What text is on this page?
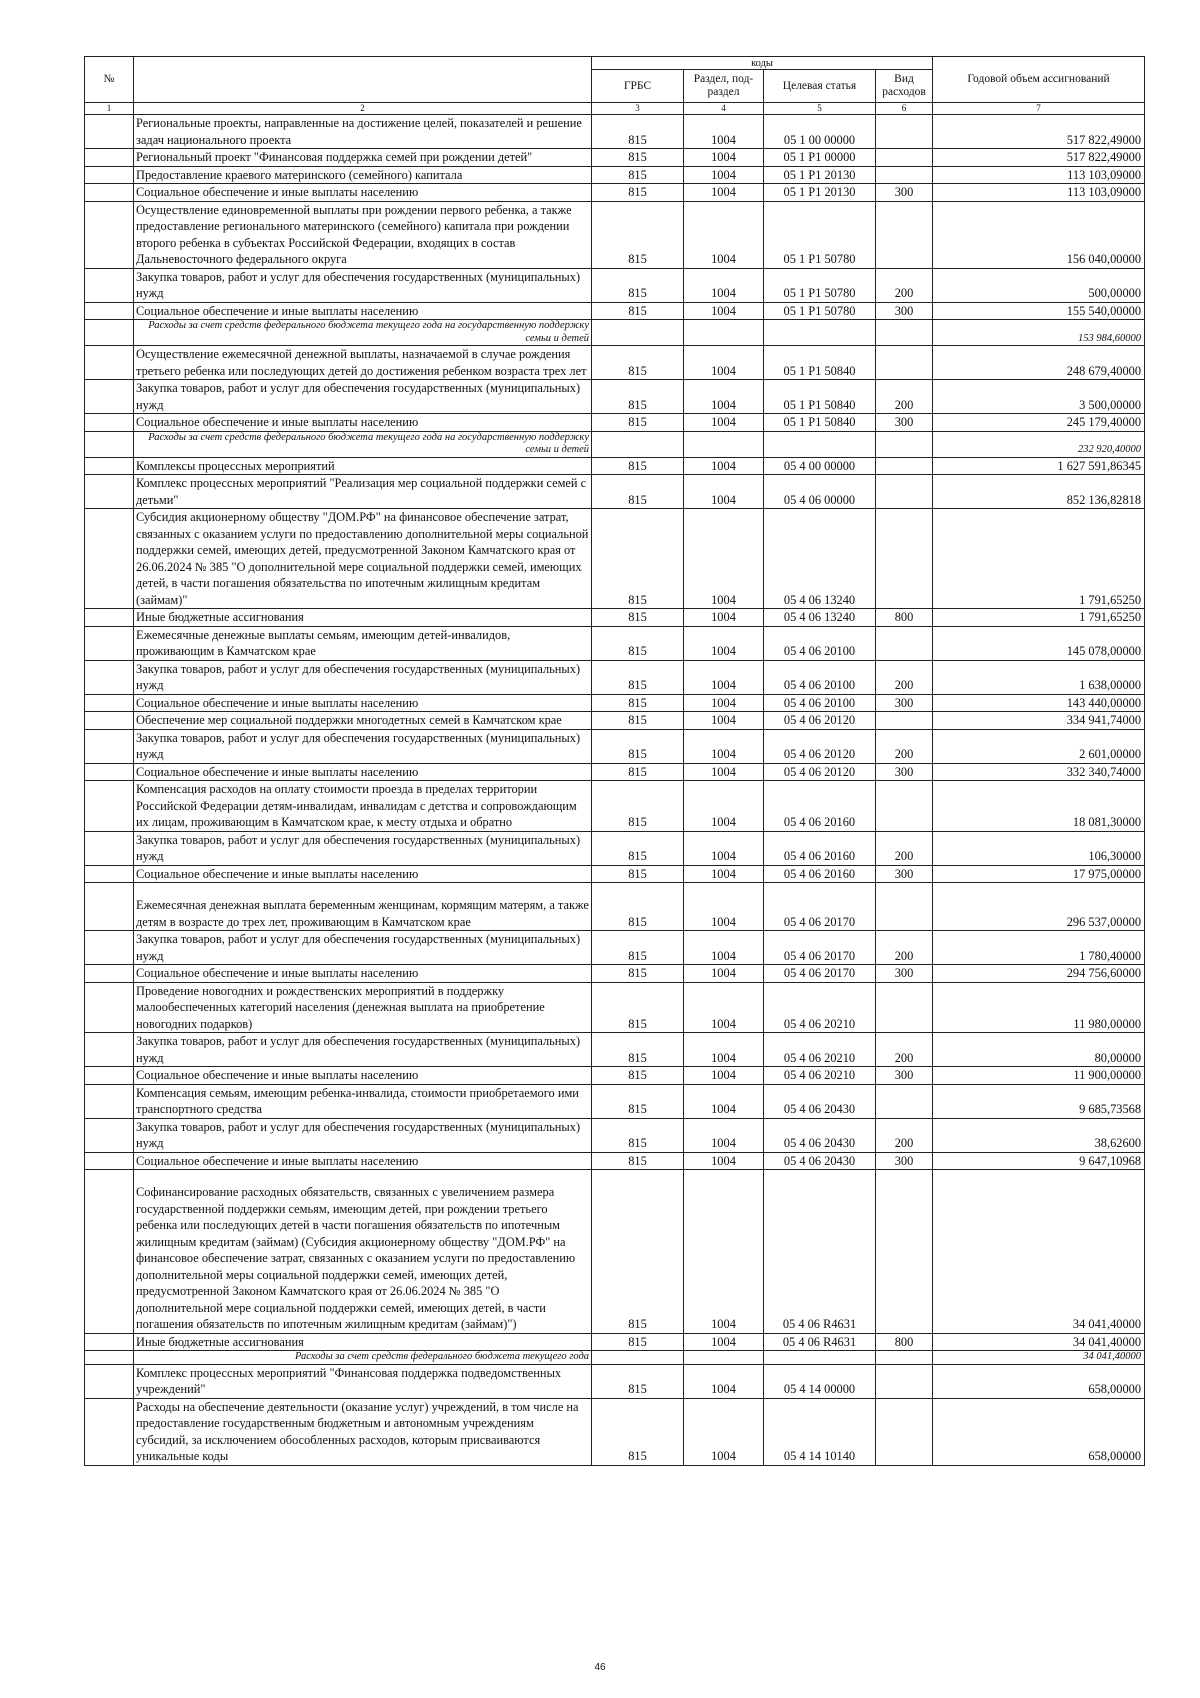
№		коды				Годовой объем ассигнований
		ГРБС	Раздел, под-раздел	Целевая статья	Вид расходов	
1	2	3	4	5	6	7
	Региональные проекты, направленные на достижение целей, показателей и решение задач национального проекта	815	1004	05 1 00 00000		517 822,49000
	Региональный проект "Финансовая поддержка семей при рождении детей"	815	1004	05 1 P1 00000		517 822,49000
	Предоставление краевого материнского (семейного) капитала	815	1004	05 1 P1 20130		113 103,09000
	Социальное обеспечение и иные выплаты населению	815	1004	05 1 P1 20130	300	113 103,09000
	Осуществление единовременной выплаты при рождении первого ребенка, а также предоставление регионального материнского (семейного) капитала при рождении второго ребенка в субъектах Российской Федерации, входящих в состав Дальневосточного федерального округа	815	1004	05 1 P1 50780		156 040,00000
	Закупка товаров, работ и услуг для обеспечения государственных (муниципальных) нужд	815	1004	05 1 P1 50780	200	500,00000
	Социальное обеспечение и иные выплаты населению	815	1004	05 1 P1 50780	300	155 540,00000
	Расходы за счет средств федерального бюджета текущего года на государственную поддержку семьи и детей					153 984,60000
	Осуществление ежемесячной денежной выплаты, назначаемой в случае рождения третьего ребенка или последующих детей до достижения ребенком возраста трех лет	815	1004	05 1 P1 50840		248 679,40000
	Закупка товаров, работ и услуг для обеспечения государственных (муниципальных) нужд	815	1004	05 1 P1 50840	200	3 500,00000
	Социальное обеспечение и иные выплаты населению	815	1004	05 1 P1 50840	300	245 179,40000
	Расходы за счет средств федерального бюджета текущего года на государственную поддержку семьи и детей					232 920,40000
	Комплексы процессных мероприятий	815	1004	05 4 00 00000		1 627 591,86345
	Комплекс процессных мероприятий "Реализация мер социальной поддержки семей с детьми"	815	1004	05 4 06 00000		852 136,82818
	Субсидия акционерному обществу "ДОМ.РФ" на финансовое обеспечение затрат, связанных с оказанием услуги по предоставлению дополнительной меры социальной поддержки семей, имеющих детей, предусмотренной Законом Камчатского края от 26.06.2024 № 385 "О дополнительной мере социальной поддержки семей, имеющих детей, в части погашения обязательства по ипотечным жилищным кредитам (займам)"	815	1004	05 4 06 13240		1 791,65250
	Иные бюджетные ассигнования	815	1004	05 4 06 13240	800	1 791,65250
	Ежемесячные денежные выплаты семьям, имеющим детей-инвалидов, проживающим в Камчатском крае	815	1004	05 4 06 20100		145 078,00000
	Закупка товаров, работ и услуг для обеспечения государственных (муниципальных) нужд	815	1004	05 4 06 20100	200	1 638,00000
	Социальное обеспечение и иные выплаты населению	815	1004	05 4 06 20100	300	143 440,00000
	Обеспечение мер социальной поддержки многодетных семей в Камчатском крае	815	1004	05 4 06 20120		334 941,74000
	Закупка товаров, работ и услуг для обеспечения государственных (муниципальных) нужд	815	1004	05 4 06 20120	200	2 601,00000
	Социальное обеспечение и иные выплаты населению	815	1004	05 4 06 20120	300	332 340,74000
	Компенсация расходов на оплату стоимости проезда в пределах территории Российской Федерации детям-инвалидам, инвалидам с детства и сопровождающим их лицам, проживающим в Камчатском крае, к месту отдыха и обратно	815	1004	05 4 06 20160		18 081,30000
	Закупка товаров, работ и услуг для обеспечения государственных (муниципальных) нужд	815	1004	05 4 06 20160	200	106,30000
	Социальное обеспечение и иные выплаты населению	815	1004	05 4 06 20160	300	17 975,00000
	Ежемесячная денежная выплата беременным женщинам, кормящим матерям, а также детям в возрасте до трех лет, проживающим в Камчатском крае	815	1004	05 4 06 20170		296 537,00000
	Закупка товаров, работ и услуг для обеспечения государственных (муниципальных) нужд	815	1004	05 4 06 20170	200	1 780,40000
	Социальное обеспечение и иные выплаты населению	815	1004	05 4 06 20170	300	294 756,60000
	Проведение новогодних и рождественских мероприятий в поддержку малообеспеченных категорий населения (денежная выплата на приобретение новогодних подарков)	815	1004	05 4 06 20210		11 980,00000
	Закупка товаров, работ и услуг для обеспечения государственных (муниципальных) нужд	815	1004	05 4 06 20210	200	80,00000
	Социальное обеспечение и иные выплаты населению	815	1004	05 4 06 20210	300	11 900,00000
	Компенсация семьям, имеющим ребенка-инвалида, стоимости приобретаемого ими транспортного средства	815	1004	05 4 06 20430		9 685,73568
	Закупка товаров, работ и услуг для обеспечения государственных (муниципальных) нужд	815	1004	05 4 06 20430	200	38,62600
	Социальное обеспечение и иные выплаты населению	815	1004	05 4 06 20430	300	9 647,10968
	Софинансирование расходных обязательств, связанных с увеличением размера государственной поддержки семьям, имеющим детей, при рождении третьего ребенка или последующих детей в части погашения обязательств по ипотечным жилищным кредитам (займам) (Субсидия акционерному обществу "ДОМ.РФ" на финансовое обеспечение затрат, связанных с оказанием услуги по предоставлению дополнительной меры социальной поддержки семей, имеющих детей, предусмотренной Законом Камчатского края от 26.06.2024 № 385 "О дополнительной мере социальной поддержки семей, имеющих детей, в части погашения обязательств по ипотечным жилищным кредитам (займам)")	815	1004	05 4 06 R4631		34 041,40000
	Иные бюджетные ассигнования	815	1004	05 4 06 R4631	800	34 041,40000
	Расходы за счет средств федерального бюджета текущего года					34 041,40000
	Комплекс процессных мероприятий "Финансовая поддержка подведомственных учреждений"	815	1004	05 4 14 00000		658,00000
	Расходы на обеспечение деятельности (оказание услуг) учреждений, в том числе на предоставление государственным бюджетным и автономным учреждениям субсидий, за исключением обособленных расходов, которым присваиваются уникальные коды	815	1004	05 4 14 10140		658,00000
46
